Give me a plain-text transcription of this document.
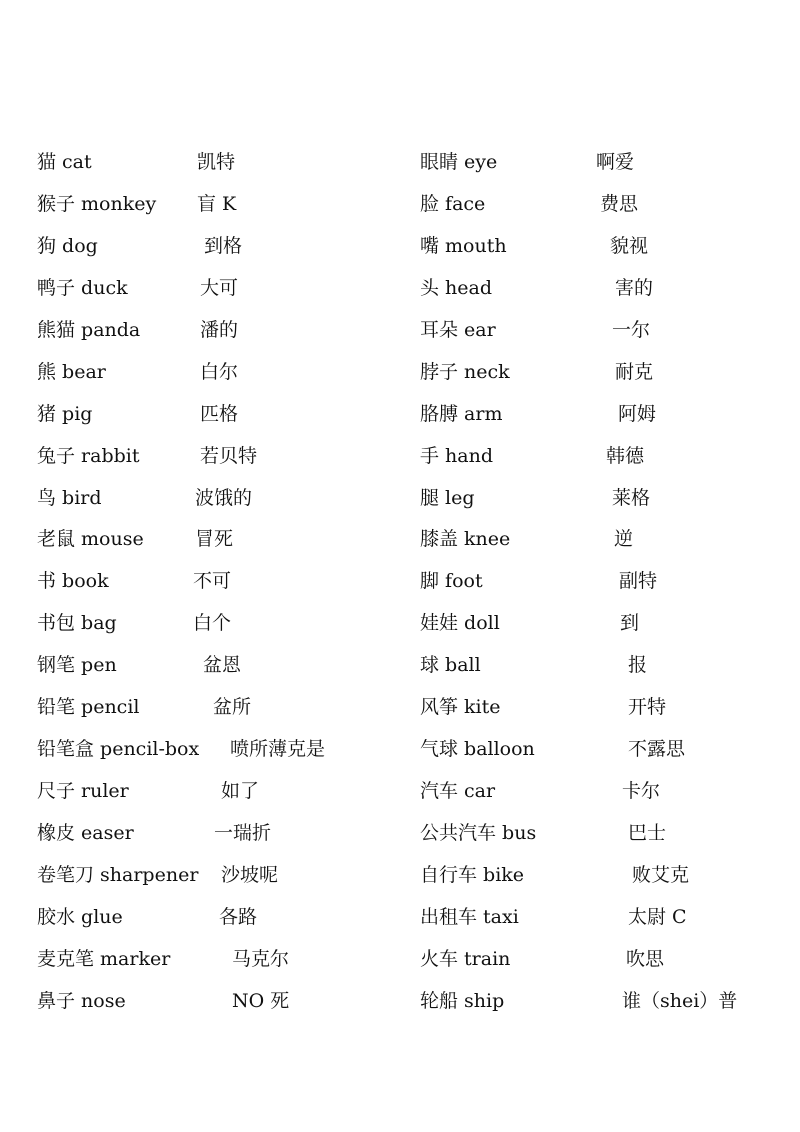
猫 cat	凯特
猴子 monkey 盲 K
狗 dog	到格
鸭子 duck	大可
熊猫 panda	潘的
熊 bear	白尔
猪 pig	匹格
兔子 rabbit	若贝特
鸟 bird	波饿的
老鼠 mouse	冒死
书 book	不可
书包 bag	白个
钢笔 pen	盆恩
铅笔 pencil	盆所
铅笔盒 pencil-box 喷所薄克是
尺子 ruler	如了
橡皮 easer	一瑞折
卷笔刀 sharpener 沙坡呢
胶水 glue	各路
麦克笔 marker	马克尔
鼻子 nose	NO 死
眼睛 eye	啊爱
脸 face	费思
嘴 mouth	貌视
头 head	害的
耳朵 ear	一尔
脖子 neck	耐克
胳膊 arm	阿姆
手 hand	韩德
腿 leg	莱格
膝盖 knee	逆
脚 foot	副特
娃娃 doll	到
球 ball	报
风筝 kite	开特
气球 balloon	不露思
汽车 car	卡尔
公共汽车 bus	巴士
自行车 bike	败艾克
出租车 taxi	太尉 C
火车 train	吹思
轮船 ship	谁（shei）普
